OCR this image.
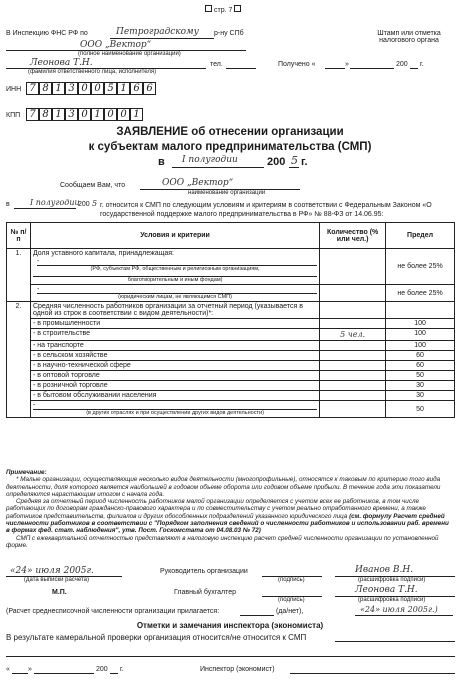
стр. 7
В Инспекцию ФНС РФ по	Петроградскому р-ну СПб
ООО „Вектор“
(полное наименование организации)
Леонова Т.Н.	тел.
(фамилия ответственного лица, исполнителя)
Штамп или отметка налогового органа
Получено «	»	200 г.
ИНН 7 8 1 3 0 0 5 1 6 6
КПП 7 8 1 3 0 1 0 0 1
ЗАЯВЛЕНИЕ об отнесении организации
к субъектам малого предпринимательства (СМП)
в I полугодии	200 5 г.
Сообщаем Вам, что	ООО „Вектор“
наименование организации
в	I полугодии
200 5 г. относится к СМП по следующим условиям и критериям в соответствии с Федеральным Законом «О государственной поддержке малого предпринимательства в РФ» № 88-ФЗ от 14.06.95:
№ п/п	Условия и критерии	Количество (% или чел.)	Предел
1.	Доля уставного капитала, принадлежащая:
-
(РФ, субъектам РФ, общественным и религиозным организациям,
благотворительным и иным фондам)		не более 25%

	-
(юридическим лицам, не являющимся СМП)		не более 25%
2.	Средняя численность работников организации за отчетный период (указывается в одной из строк в соответствии с видом деятельности)*:		
	- в промышленности		100
	- в строительстве	5 чел.	100
	- на транспорте		100
	- в сельском хозяйстве		60
	- в научно-технической сфере		60
	- в оптовой торговле		50
	- в розничной торговле		30
	- в бытовом обслуживании населения		30

	-
(в других отраслях и при осуществлении других видов деятельности)		50
Примечание:

* Малые организации, осуществляющие несколько видов деятельности (многопрофильные), относятся к таковым по критерию того вида деятельности, доля которого является наибольшей в годовом объеме оборота или годовом объеме прибыли. В течение года эти показатели определяются нарастающим итогом с начала года.

Средняя за отчетный период численность работников малой организации определяется с учетом всех ее работников, в том числе работающих по договорам гражданско-правового характера и по совместительству с учетом реально отработанного времени, а также работников представительств, филиалов и других обособленных подразделений указанного юридического лица (см. формулу Расчет средней численности работников в соответствии с "Порядком заполнения сведений о численности работников и использовании раб. времени в формах фед. стат. наблюдения", утв. Пост. Госкомстата от 04.08.03 № 72)

СМП с ежеквартальной отчетностью представляют в налоговую инспекцию расчет средней численности организации по установленной форме.

«24» июля 2005г.
(дата выписки расчета)
Руководитель организации
(подпись)
Иванов В.Н.
(расшифровка подписи)
М.П.	Главный бухгалтер
(подпись)
Леонова Т.Н.
(расшифровка подписи)
(Расчет среднесписочной численности организации прилагается:	(да/нет),	«24» июля 2005г.)
Отметки и замечания инспектора (экономиста)
В результате камеральной проверки организация относится/не относится к СМП
«	»	200 г.	Инспектор (экономист)
